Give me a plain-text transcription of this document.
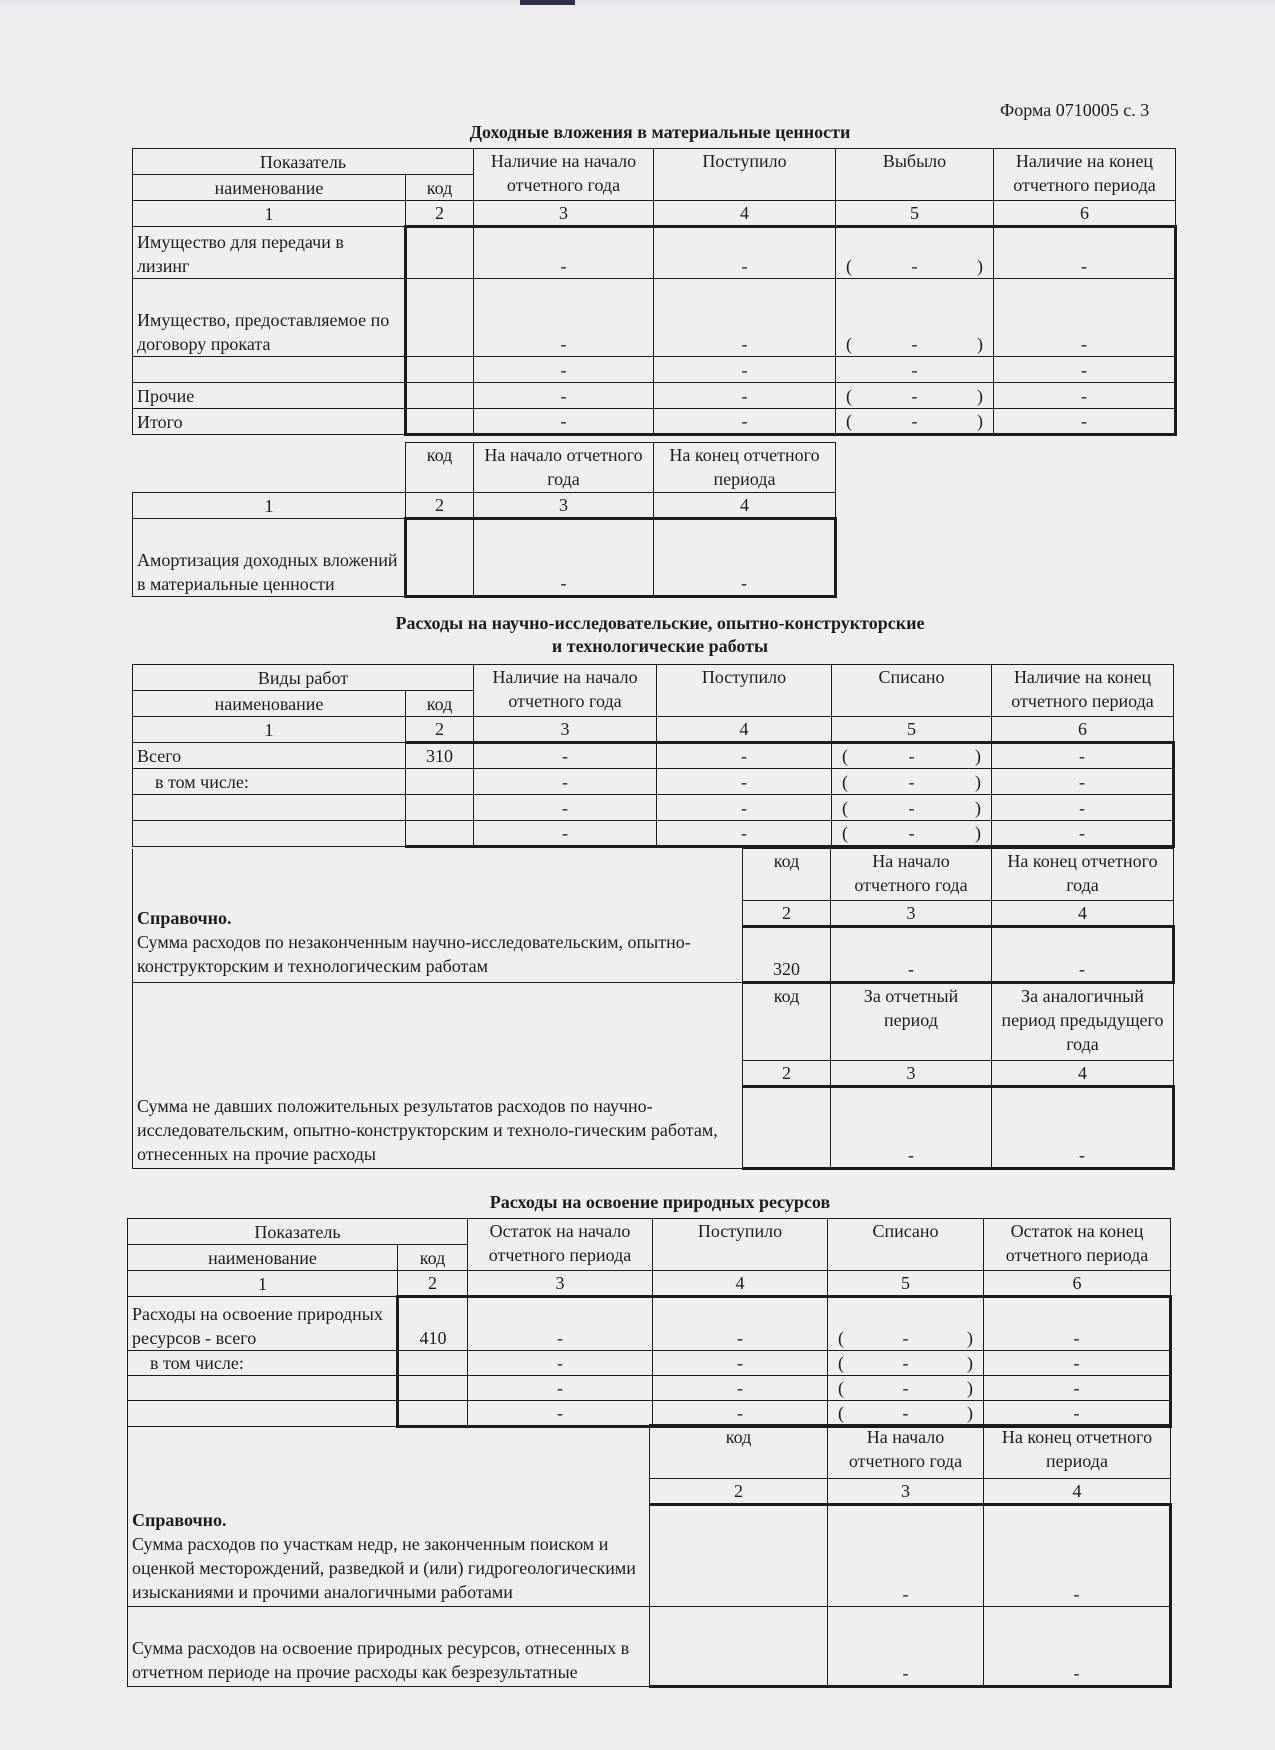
Форма 0710005 с. 3
Доходные вложения в материальные ценности
Показатель		Наличие на начало отчетного года	Поступило	Выбыло	Наличие на конец отчетного периода
наименование	код				
1	2	3	4	5	6
Имущество для передачи в лизинг		-	-	( - )	-
Имущество, предоставляемое по договору проката		-	-	( - )	-
		-	-	-	-
Прочие		-	-	( - )	-
Итого		-	-	( - )	-
	код	На начало отчетного года	На конец отчетного периода
1	2	3	4
Амортизация доходных вложений в материальные ценности		-	-
Расходы на научно-исследовательские, опытно-конструкторские
и технологические работы
Виды работ		Наличие на начало отчетного года	Поступило	Списано	Наличие на конец отчетного периода
наименование	код				
1	2	3	4	5	6
Всего	310	-	-	( - )	-
в том числе:		-	-	( - )	-
		-	-	( - )	-
		-	-	( - )	-
Справочно.
Сумма расходов по незаконченным научно-исследовательским, опытно-конструкторским и технологическим работам	код	На начало отчетного года	На конец отчетного года
	2	3	4
	320	-	-

Сумма не давших положительных результатов расходов по научно-исследовательским, опытно-конструкторским и техноло-гическим работам, отнесенных на прочие расходы	код	За отчетный период	За аналогичный период предыдущего года
	2	3	4
		-	-
Расходы на освоение природных ресурсов
Показатель		Остаток на начало отчетного периода	Поступило	Списано	Остаток на конец отчетного периода
наименование	код				
1	2	3	4	5	6
Расходы на освоение природных ресурсов - всего	410	-	-	( - )	-
в том числе:		-	-	( - )	-
		-	-	( - )	-
		-	-	( - )	-
Справочно.
Сумма расходов по участкам недр, не законченным поиском и оценкой месторождений, разведкой и (или) гидрогеологическими изысканиями и прочими аналогичными работами	код	На начало отчетного года	На конец отчетного периода
	2	3	4
		-	-
Сумма расходов на освоение природных ресурсов, отнесенных в отчетном периоде на прочие расходы как безрезультатные		-	-
